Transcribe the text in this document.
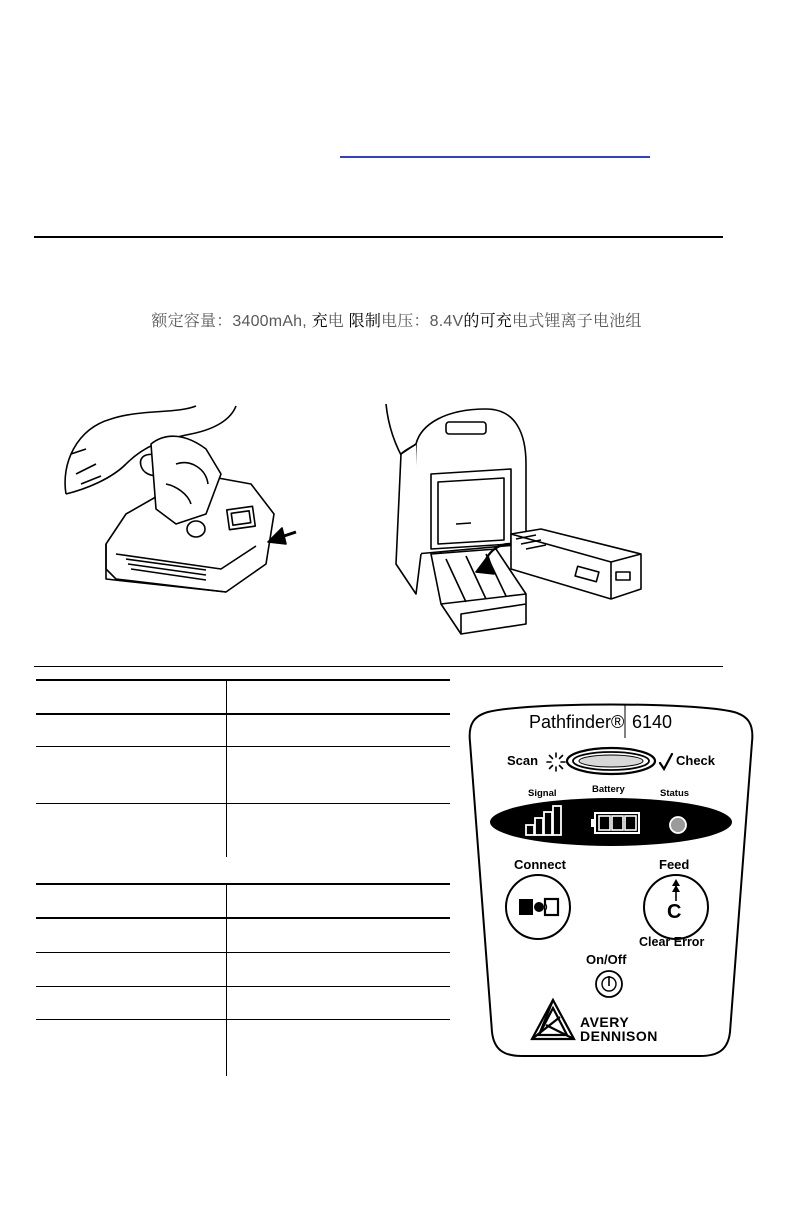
额定容量：3400mAh, 充电 限制电压：8.4V的可充电式锂离子电池组
Pathfinder® 6140
Scan	Check
Signal	Battery	Status
Connect	Feed
C
Clear Error
On/Off
AVERY
DENNISON
